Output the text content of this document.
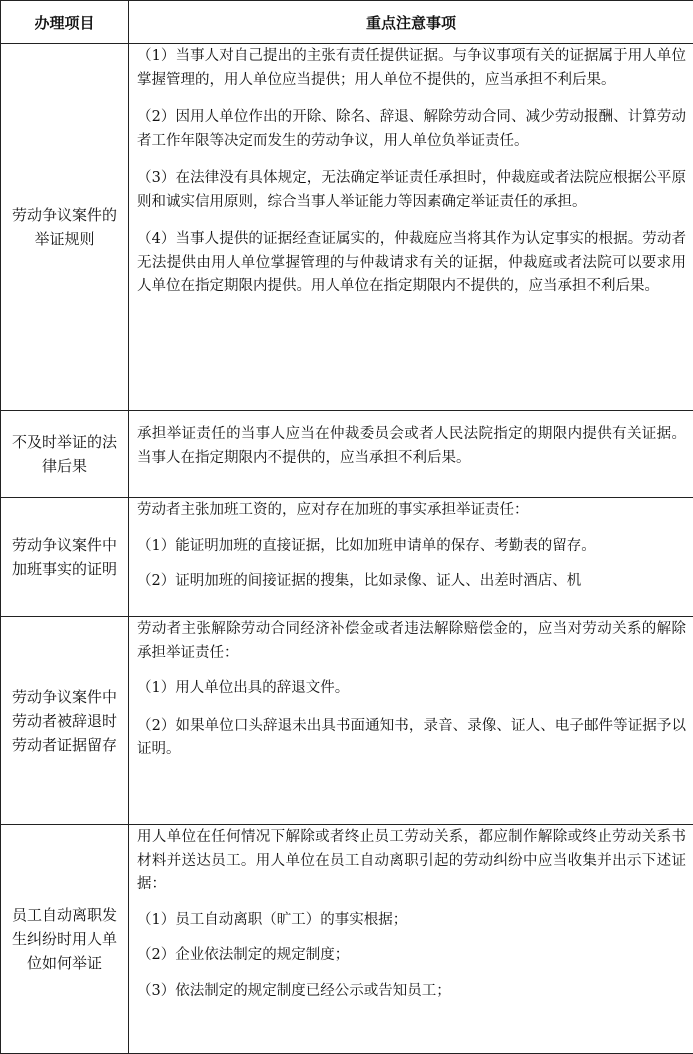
办理项目	重点注意事项
劳动争议案件的举证规则	（1）当事人对自己提出的主张有责任提供证据。与争议事项有关的证据属于用人单位掌握管理的，用人单位应当提供；用人单位不提供的，应当承担不利后果。

（2）因用人单位作出的开除、除名、辞退、解除劳动合同、减少劳动报酬、计算劳动者工作年限等决定而发生的劳动争议，用人单位负举证责任。

（3）在法律没有具体规定，无法确定举证责任承担时，仲裁庭或者法院应根据公平原则和诚实信用原则，综合当事人举证能力等因素确定举证责任的承担。

（4）当事人提供的证据经查证属实的，仲裁庭应当将其作为认定事实的根据。劳动者无法提供由用人单位掌握管理的与仲裁请求有关的证据，仲裁庭或者法院可以要求用人单位在指定期限内提供。用人单位在指定期限内不提供的，应当承担不利后果。

不及时举证的法律后果	承担举证责任的当事人应当在仲裁委员会或者人民法院指定的期限内提供有关证据。当事人在指定期限内不提供的，应当承担不利后果。

劳动争议案件中加班事实的证明	劳动者主张加班工资的，应对存在加班的事实承担举证责任：

（1）能证明加班的直接证据，比如加班申请单的保存、考勤表的留存。

（2）证明加班的间接证据的搜集，比如录像、证人、出差时酒店、机

劳动争议案件中劳动者被辞退时劳动者证据留存	劳动者主张解除劳动合同经济补偿金或者违法解除赔偿金的，应当对劳动关系的解除承担举证责任：

（1）用人单位出具的辞退文件。

（2）如果单位口头辞退未出具书面通知书，录音、录像、证人、电子邮件等证据予以证明。

员工自动离职发生纠纷时用人单位如何举证	用人单位在任何情况下解除或者终止员工劳动关系，都应制作解除或终止劳动关系书材料并送达员工。用人单位在员工自动离职引起的劳动纠纷中应当收集并出示下述证据：

（1）员工自动离职（旷工）的事实根据；

（2）企业依法制定的规定制度；

（3）依法制定的规定制度已经公示或告知员工；
